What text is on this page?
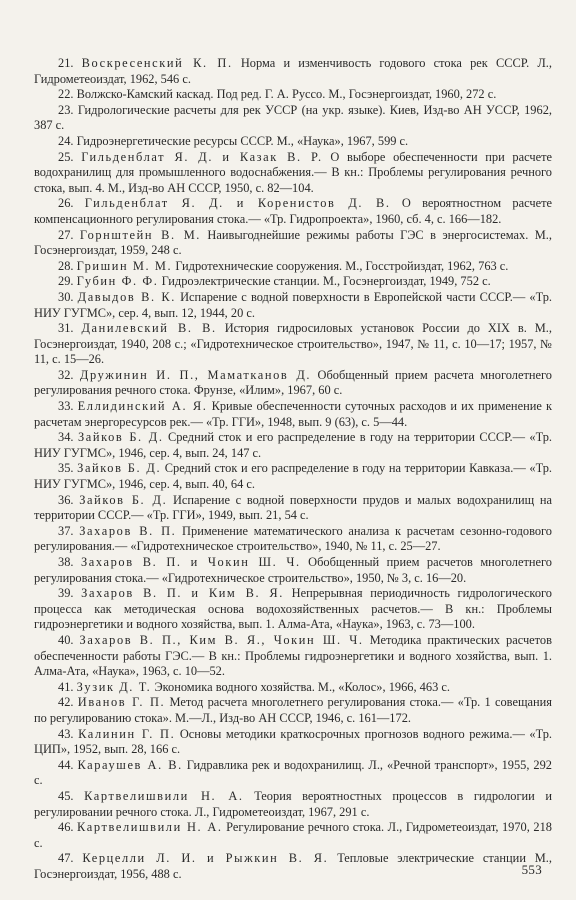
21. Воскресенский К. П. Норма и изменчивость годового стока рек СССР. Л., Гидрометеоиздат, 1962, 546 с.

22. Волжско-Камский каскад. Под ред. Г. А. Руссо. М., Госэнергоиздат, 1960, 272 с.

23. Гидрологические расчеты для рек УССР (на укр. языке). Киев, Изд-во АН УССР, 1962, 387 с.

24. Гидроэнергетические ресурсы СССР. М., «Наука», 1967, 599 с.

25. Гильденблат Я. Д. и Казак В. Р. О выборе обеспеченности при расчете водохранилищ для промышленного водоснабжения.— В кн.: Проблемы регулирования речного стока, вып. 4. М., Изд-во АН СССР, 1950, с. 82—104.

26. Гильденблат Я. Д. и Коренистов Д. В. О вероятностном расчете компенсационного регулирования стока.— «Тр. Гидропроекта», 1960, сб. 4, с. 166—182.

27. Горнштейн В. М. Наивыгоднейшие режимы работы ГЭС в энергосистемах. М., Госэнергоиздат, 1959, 248 с.

28. Гришин М. М. Гидротехнические сооружения. М., Госстройиздат, 1962, 763 с.

29. Губин Ф. Ф. Гидроэлектрические станции. М., Госэнергоиздат, 1949, 752 с.

30. Давыдов В. К. Испарение с водной поверхности в Европейской части СССР.— «Тр. НИУ ГУГМС», сер. 4, вып. 12, 1944, 20 с.

31. Данилевский В. В. История гидросиловых установок России до XIX в. М., Госэнергоиздат, 1940, 208 с.; «Гидротехническое строительство», 1947, № 11, с. 10—17; 1957, № 11, с. 15—26.

32. Дружинин И. П., Маматканов Д. Обобщенный прием расчета многолетнего регулирования речного стока. Фрунзе, «Илим», 1967, 60 с.

33. Еллидинский А. Я. Кривые обеспеченности суточных расходов и их применение к расчетам энергоресурсов рек.— «Тр. ГГИ», 1948, вып. 9 (63), с. 5—44.

34. Зайков Б. Д. Средний сток и его распределение в году на территории СССР.— «Тр. НИУ ГУГМС», 1946, сер. 4, вып. 24, 147 с.

35. Зайков Б. Д. Средний сток и его распределение в году на территории Кавказа.— «Тр. НИУ ГУГМС», 1946, сер. 4, вып. 40, 64 с.

36. Зайков Б. Д. Испарение с водной поверхности прудов и малых водохранилищ на территории СССР.— «Тр. ГГИ», 1949, вып. 21, 54 с.

37. Захаров В. П. Применение математического анализа к расчетам сезонно-годового регулирования.— «Гидротехническое строительство», 1940, № 11, с. 25—27.

38. Захаров В. П. и Чокин Ш. Ч. Обобщенный прием расчетов многолетнего регулирования стока.— «Гидротехническое строительство», 1950, № 3, с. 16—20.

39. Захаров В. П. и Ким В. Я. Непрерывная периодичность гидрологического процесса как методическая основа водохозяйственных расчетов.— В кн.: Проблемы гидроэнергетики и водного хозяйства, вып. 1. Алма-Ата, «Наука», 1963, с. 73—100.

40. Захаров В. П., Ким В. Я., Чокин Ш. Ч. Методика практических расчетов обеспеченности работы ГЭС.— В кн.: Проблемы гидроэнергетики и водного хозяйства, вып. 1. Алма-Ата, «Наука», 1963, с. 10—52.

41. Зузик Д. Т. Экономика водного хозяйства. М., «Колос», 1966, 463 с.

42. Иванов Г. П. Метод расчета многолетнего регулирования стока.— «Тр. 1 совещания по регулированию стока». М.—Л., Изд-во АН СССР, 1946, с. 161—172.

43. Калинин Г. П. Основы методики краткосрочных прогнозов водного режима.— «Тр. ЦИП», 1952, вып. 28, 166 с.

44. Караушев А. В. Гидравлика рек и водохранилищ. Л., «Речной транспорт», 1955, 292 с.

45. Картвелишвили Н. А. Теория вероятностных процессов в гидрологии и регулировании речного стока. Л., Гидрометеоиздат, 1967, 291 с.

46. Картвелишвили Н. А. Регулирование речного стока. Л., Гидрометеоиздат, 1970, 218 с.

47. Керцелли Л. И. и Рыжкин В. Я. Тепловые электрические станции М., Госэнергоиздат, 1956, 488 с.	553
